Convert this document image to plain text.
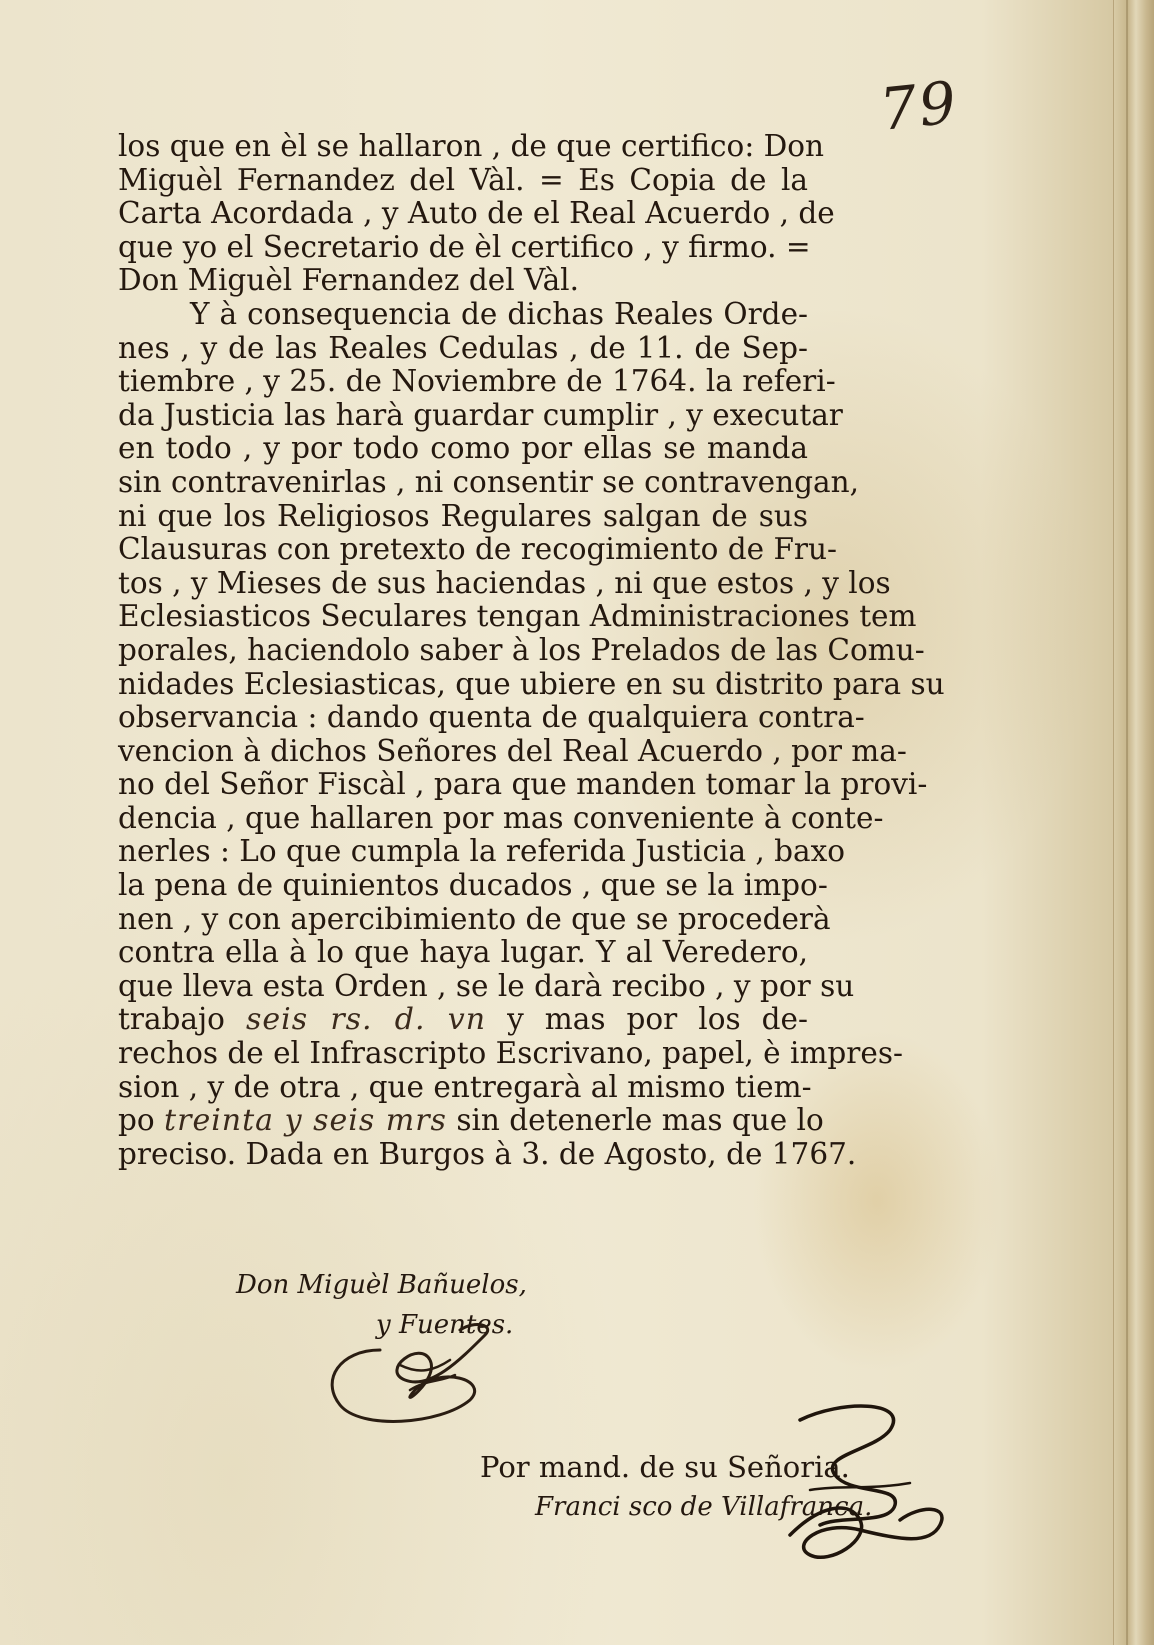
79
los que en èl se hallaron , de que certifico: Don
Miguèl Fernandez del Vàl. = Es Copia de la
Carta Acordada , y Auto de el Real Acuerdo , de
que yo el Secretario de èl certifico , y firmo. =
Don Miguèl Fernandez del Vàl.
Y à consequencia de dichas Reales Orde-
nes , y de las Reales Cedulas , de 11. de Sep-
tiembre , y 25. de Noviembre de 1764. la referi-
da Justicia las harà guardar cumplir , y executar
en todo , y por todo como por ellas se manda
sin contravenirlas , ni consentir se contravengan,
ni que los Religiosos Regulares salgan de sus
Clausuras con pretexto de recogimiento de Fru-
tos , y Mieses de sus haciendas , ni que estos , y los
Eclesiasticos Seculares tengan Administraciones tem
porales, haciendolo saber à los Prelados de las Comu-
nidades Eclesiasticas, que ubiere en su distrito para su
observancia : dando quenta de qualquiera contra-
vencion à dichos Señores del Real Acuerdo , por ma-
no del Señor Fiscàl , para que manden tomar la provi-
dencia , que hallaren por mas conveniente à conte-
nerles : Lo que cumpla la referida Justicia , baxo
la pena de quinientos ducados , que se la impo-
nen , y con apercibimiento de que se procederà
contra ella à lo que haya lugar. Y al Veredero,
que lleva esta Orden , se le darà recibo , y por su
trabajo seis rs. d. vn y mas por los de-
rechos de el Infrascripto Escrivano, papel, è impres-
sion , y de otra , que entregarà al mismo tiem-
po treinta y seis mrs sin detenerle mas que lo
preciso. Dada en Burgos à 3. de Agosto, de 1767.
Don Miguèl Bañuelos,
y Fuentes.
Por mand. de su Señoria.
Franci sco de Villafranca.
